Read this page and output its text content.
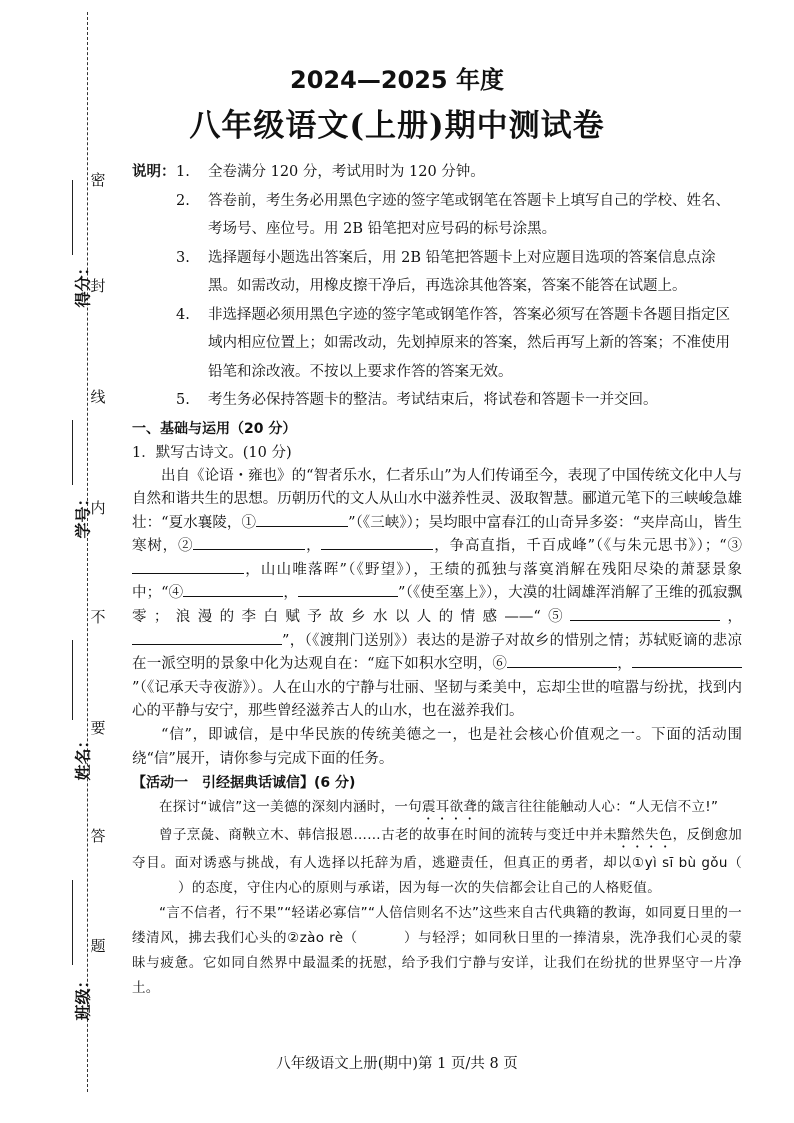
密
封
线
内
不
要
答
题
得分：
学号：
姓名：
班级：
2024—2025 年度
八年级语文(上册)期中测试卷
说明： 1.	全卷满分 120 分，考试用时为 120 分钟。
2.	答卷前，考生务必用黑色字迹的签字笔或钢笔在答题卡上填写自己的学校、姓名、考场号、座位号。用 2B 铅笔把对应号码的标号涂黑。
3.	选择题每小题选出答案后，用 2B 铅笔把答题卡上对应题目选项的答案信息点涂黑。如需改动，用橡皮擦干净后，再选涂其他答案，答案不能答在试题上。
4.	非选择题必须用黑色字迹的签字笔或钢笔作答，答案必须写在答题卡各题目指定区域内相应位置上；如需改动，先划掉原来的答案，然后再写上新的答案；不准使用铅笔和涂改液。不按以上要求作答的答案无效。
5.	考生务必保持答题卡的整洁。考试结束后，将试卷和答题卡一并交回。
一、基础与运用（20 分）
1．默写古诗文。(10 分)

出自《论语・雍也》的“智者乐水，仁者乐山”为人们传诵至今，表现了中国传统文化中人与自然和谐共生的思想。历朝历代的文人从山水中滋养性灵、汲取智慧。郦道元笔下的三峡峻急雄壮：“夏水襄陵，①	”（《三峡》）；吴均眼中富春江的山奇异多姿：“夹岸高山，皆生寒树，②	，	，争高直指，千百成峰”（《与朱元思书》）；“③，山山唯落晖”（《野望》），王绩的孤独与落寞消解在残阳尽染的萧瑟景象中；“④	，	”（《使至塞上》），大漠的壮阔雄浑消解了王维的孤寂飘零；浪漫的李白赋予故乡水以人的情感——“⑤	，”，（《渡荆门送别》）表达的是游子对故乡的惜别之情；苏轼贬谪的悲凉在一派空明的景象中化为达观自在：“庭下如积水空明，⑥	，”（《记承天寺夜游》）。人在山水的宁静与壮丽、坚韧与柔美中，忘却尘世的喧嚣与纷扰，找到内心的平静与安宁，那些曾经滋养古人的山水，也在滋养我们。

“信”，即诚信，是中华民族的传统美德之一，也是社会核心价值观之一。下面的活动围绕“信”展开，请你参与完成下面的任务。

【活动一　引经据典话诚信】(6 分)

在探讨“诚信”这一美德的深刻内涵时，一句震耳欲聋的箴言往往能触动人心：“人无信不立!”

曾子烹彘、商鞅立木、韩信报恩……古老的故事在时间的流转与变迁中并未黯然失色，反倒愈加夺目。面对诱惑与挑战，有人选择以托辞为盾，逃避责任，但真正的勇者，却以①yì sī bù gǒu（）的态度，守住内心的原则与承诺，因为每一次的失信都会让自己的人格贬值。

“言不信者，行不果”“轻诺必寡信”“人倍信则名不达”这些来自古代典籍的教诲，如同夏日里的一缕清风，拂去我们心头的②zào rè（	）与轻浮；如同秋日里的一捧清泉，洗净我们心灵的蒙昧与疲惫。它如同自然界中最温柔的抚慰，给予我们宁静与安详，让我们在纷扰的世界坚守一片净土。

八年级语文上册(期中)第 1 页/共 8 页
